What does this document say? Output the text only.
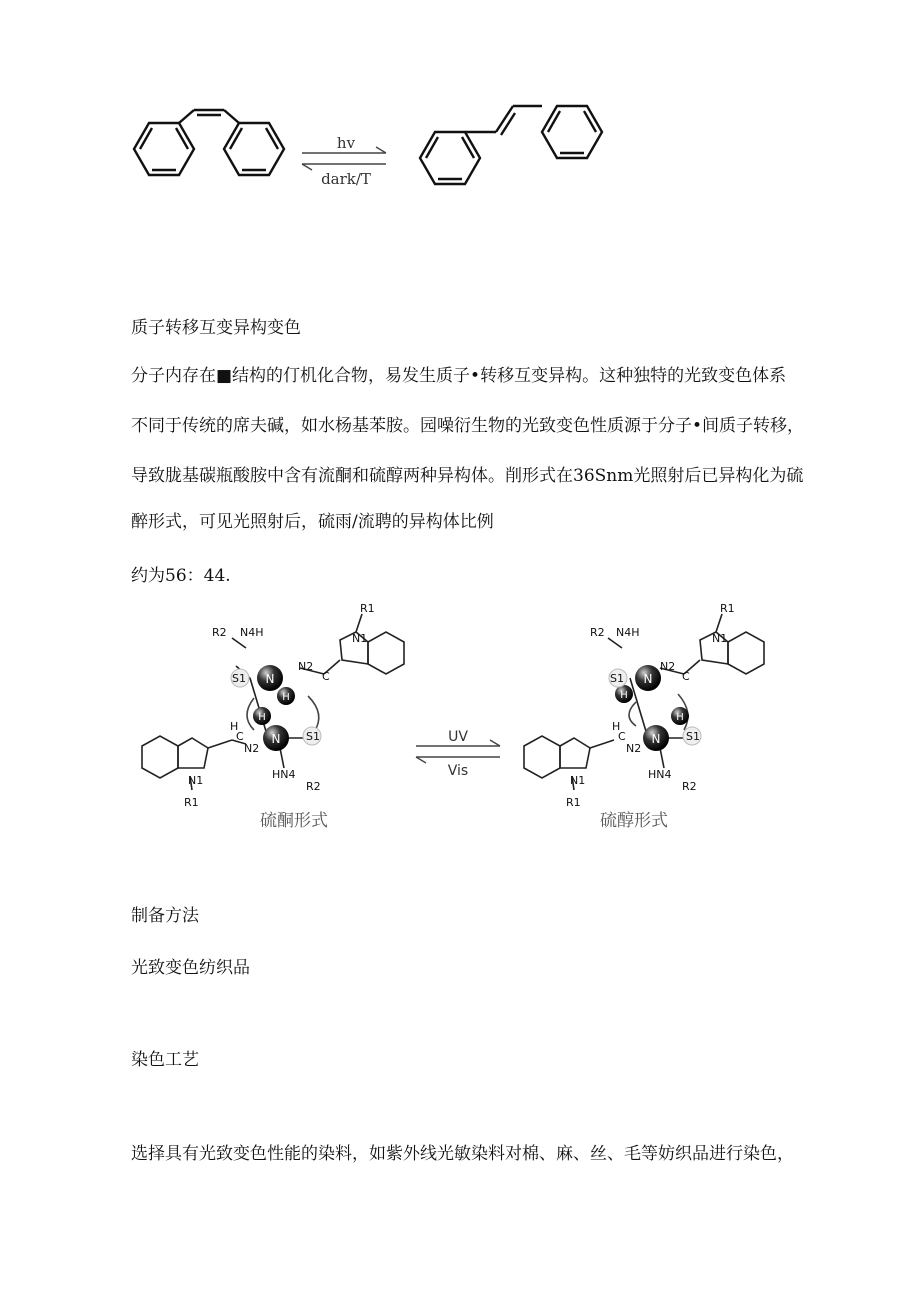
hv
dark/T
质子转移互变异构变色
分子内存在■结构的仃机化合物，易发生质子•转移互变异构。这种独特的光致变色体系
不同于传统的席夫碱，如水杨基苯胺。园噪衍生物的光致变色性质源于分子•间质子转移，
导致胧基碳瓶酸胺中含有流酮和硫醇两种异构体。削形式在36Snm光照射后已异构化为硫
醉形式，可见光照射后，硫雨/流聘的异构体比例
约为56：44.
N
H
H
N
R1
N1
R2 N4H
N2
C
S1
S1
H
C
N2
HN4
R2
N1
R1
硫酮形式
UV
Vis
N
H
H
N
R1
N1
R2 N4H
N2
C
S1
S1
H
C
N2
HN4
R2
N1
R1
硫醇形式
制备方法
光致变色纺织品
染色工艺
选择具有光致变色性能的染料，如紫外线光敏染料对棉、麻、丝、毛等妨织品进行染色，
